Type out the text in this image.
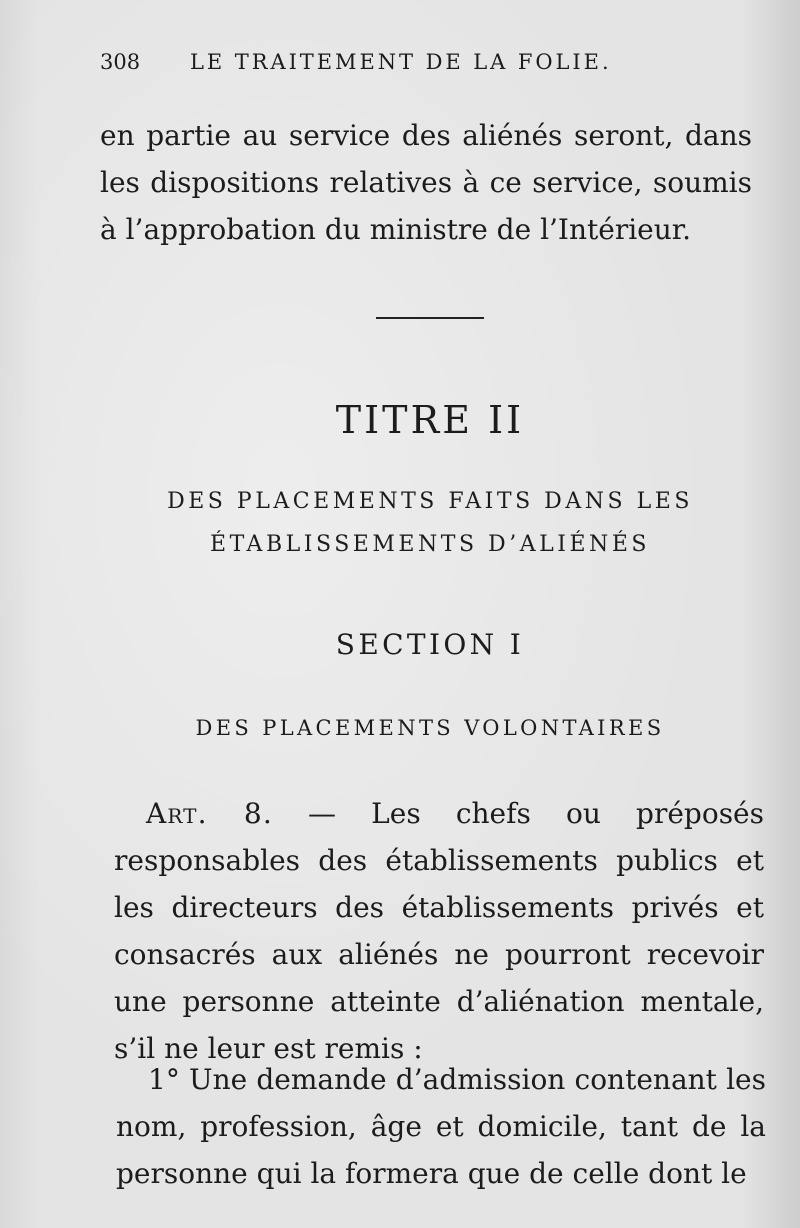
308 LE TRAITEMENT DE LA FOLIE.
en partie au service des aliénés seront, dans les dispositions relatives à ce service, soumis à l’approbation du ministre de l’Intérieur.
TITRE II
DES PLACEMENTS FAITS DANS LES
ÉTABLISSEMENTS D’ALIÉNÉS
SECTION I
DES PLACEMENTS VOLONTAIRES
Art. 8. — Les chefs ou préposés responsables des établissements publics et les directeurs des établissements privés et consacrés aux aliénés ne pourront recevoir une personne atteinte d’aliénation mentale, s’il ne leur est remis :
1° Une demande d’admission contenant les nom, profession, âge et domicile, tant de la personne qui la formera que de celle dont le
